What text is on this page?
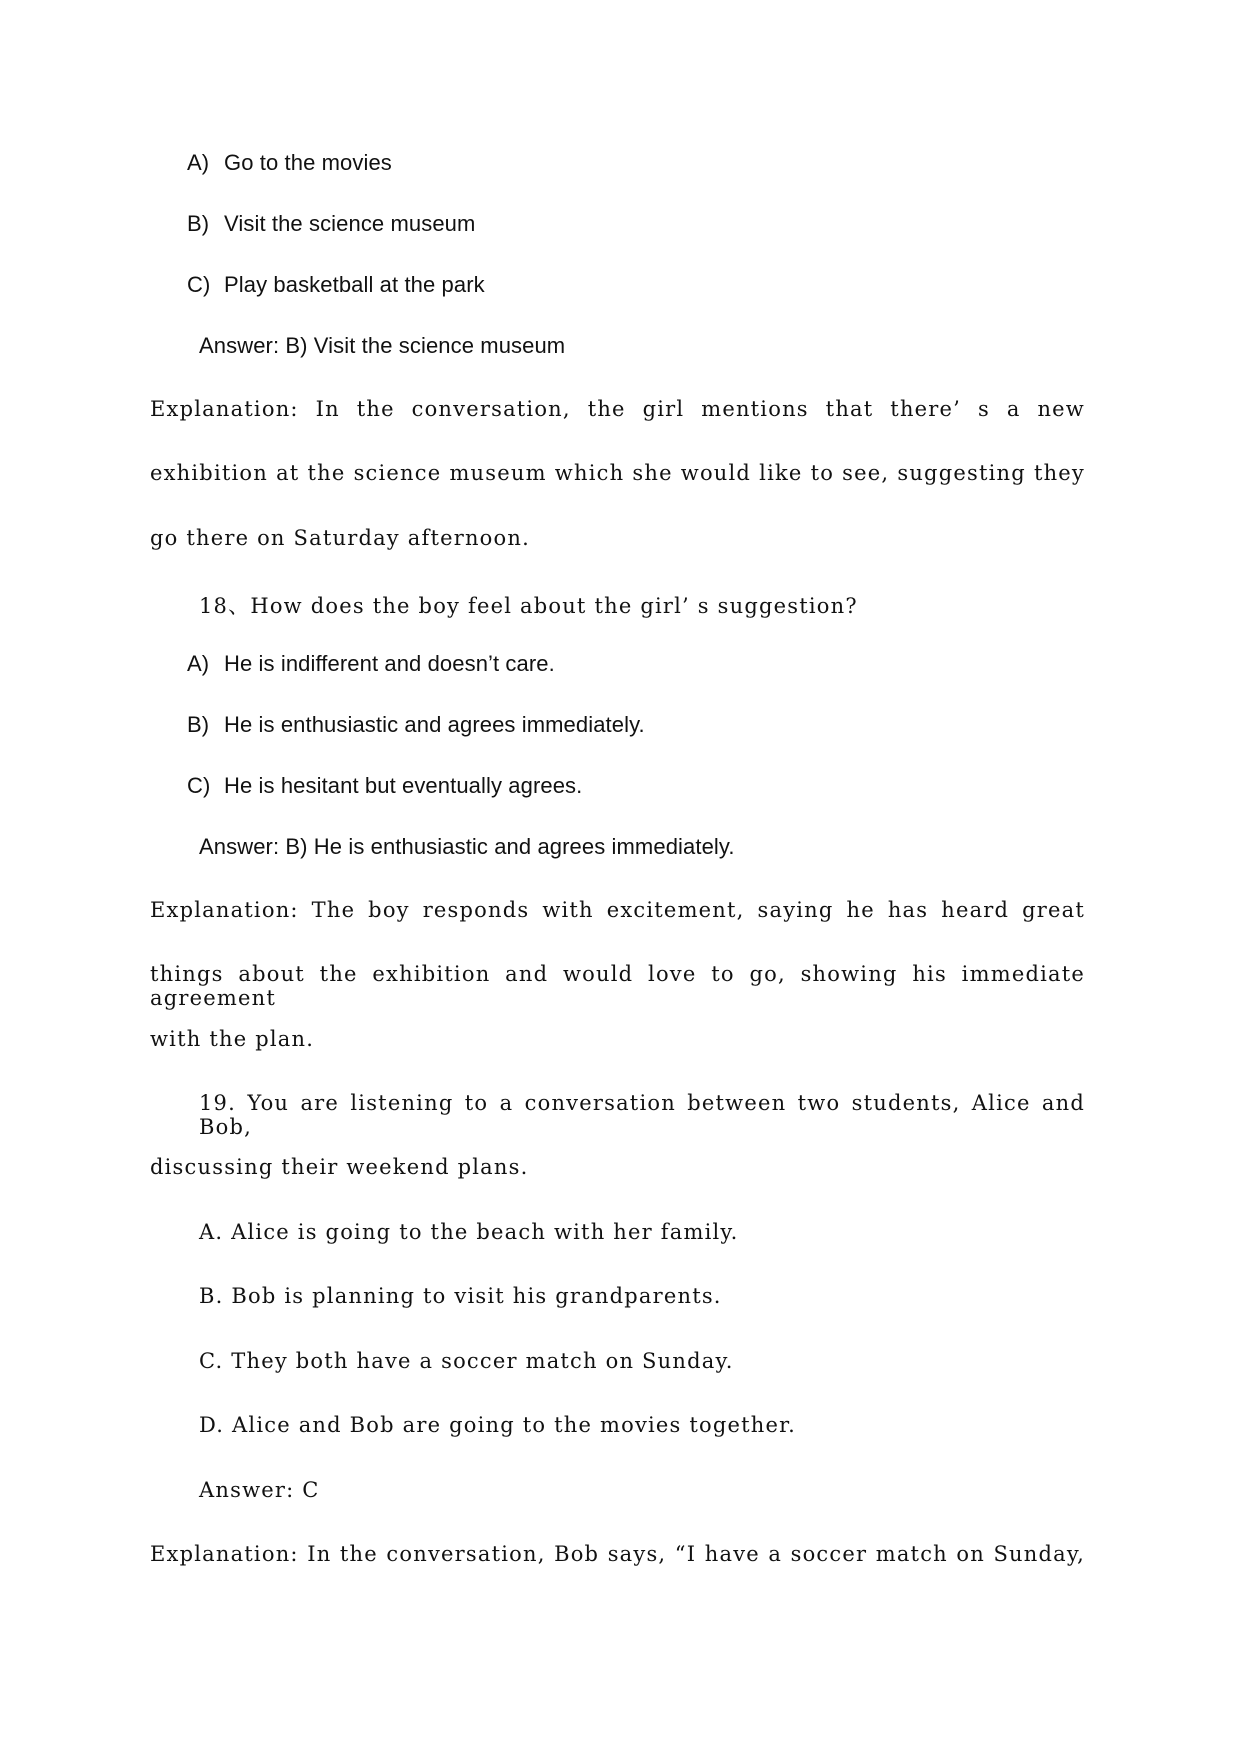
A) Go to the movies
B) Visit the science museum
C) Play basketball at the park
Answer: B) Visit the science museum
Explanation: In the conversation, the girl mentions that there’ s a new
exhibition at the science museum which she would like to see, suggesting they
go there on Saturday afternoon.
18、How does the boy feel about the girl’ s suggestion?
A) He is indifferent and doesn’t care.
B) He is enthusiastic and agrees immediately.
C) He is hesitant but eventually agrees.
Answer: B) He is enthusiastic and agrees immediately.
Explanation: The boy responds with excitement, saying he has heard great
things about the exhibition and would love to go, showing his immediate agreement
with the plan.
19. You are listening to a conversation between two students, Alice and Bob,
discussing their weekend plans.
A. Alice is going to the beach with her family.
B. Bob is planning to visit his grandparents.
C. They both have a soccer match on Sunday.
D. Alice and Bob are going to the movies together.
Answer: C
Explanation: In the conversation, Bob says, “I have a soccer match on Sunday,
